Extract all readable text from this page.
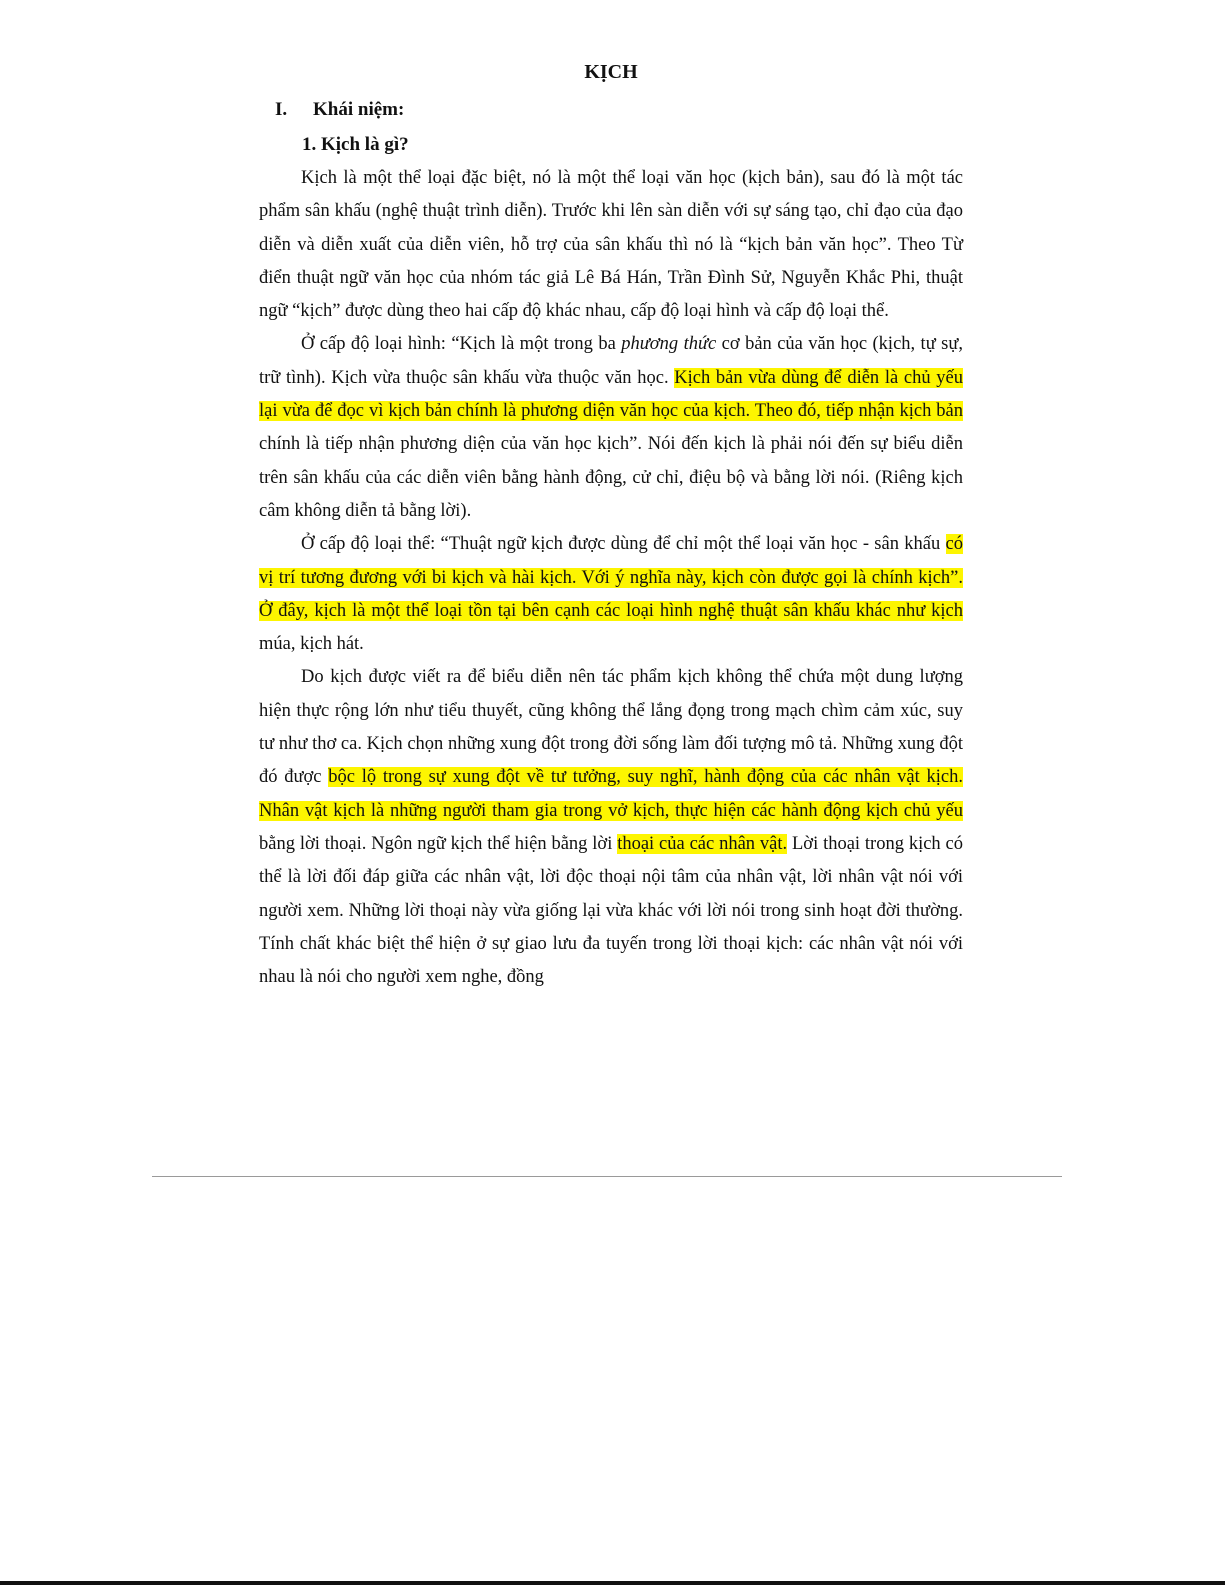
KỊCH
I. Khái niệm:
1. Kịch là gì?

Kịch là một thể loại đặc biệt, nó là một thể loại văn học (kịch bản), sau đó là một tác phẩm sân khấu (nghệ thuật trình diễn). Trước khi lên sàn diễn với sự sáng tạo, chỉ đạo của đạo diễn và diễn xuất của diễn viên, hỗ trợ của sân khấu thì nó là “kịch bản văn học”. Theo Từ điển thuật ngữ văn học của nhóm tác giả Lê Bá Hán, Trần Đình Sử, Nguyễn Khắc Phi, thuật ngữ “kịch” được dùng theo hai cấp độ khác nhau, cấp độ loại hình và cấp độ loại thể.

Ở cấp độ loại hình: “Kịch là một trong ba phương thức cơ bản của văn học (kịch, tự sự, trữ tình). Kịch vừa thuộc sân khấu vừa thuộc văn học. Kịch bản vừa dùng để diễn là chủ yếu lại vừa để đọc vì kịch bản chính là phương diện văn học của kịch. Theo đó, tiếp nhận kịch bản chính là tiếp nhận phương diện của văn học kịch”. Nói đến kịch là phải nói đến sự biểu diễn trên sân khấu của các diễn viên bằng hành động, cử chỉ, điệu bộ và bằng lời nói. (Riêng kịch câm không diễn tả bằng lời).

Ở cấp độ loại thể: “Thuật ngữ kịch được dùng để chỉ một thể loại văn học - sân khấu có vị trí tương đương với bi kịch và hài kịch. Với ý nghĩa này, kịch còn được gọi là chính kịch”. Ở đây, kịch là một thể loại tồn tại bên cạnh các loại hình nghệ thuật sân khấu khác như kịch múa, kịch hát.

Do kịch được viết ra để biểu diễn nên tác phẩm kịch không thể chứa một dung lượng hiện thực rộng lớn như tiểu thuyết, cũng không thể lắng đọng trong mạch chìm cảm xúc, suy tư như thơ ca. Kịch chọn những xung đột trong đời sống làm đối tượng mô tả. Những xung đột đó được bộc lộ trong sự xung đột về tư tưởng, suy nghĩ, hành động của các nhân vật kịch. Nhân vật kịch là những người tham gia trong vở kịch, thực hiện các hành động kịch chủ yếu bằng lời thoại. Ngôn ngữ kịch thể hiện bằng lời thoại của các nhân vật. Lời thoại trong kịch có thể là lời đối đáp giữa các nhân vật, lời độc thoại nội tâm của nhân vật, lời nhân vật nói với người xem. Những lời thoại này vừa giống lại vừa khác với lời nói trong sinh hoạt đời thường. Tính chất khác biệt thể hiện ở sự giao lưu đa tuyến trong lời thoại kịch: các nhân vật nói với nhau là nói cho người xem nghe, đồng
